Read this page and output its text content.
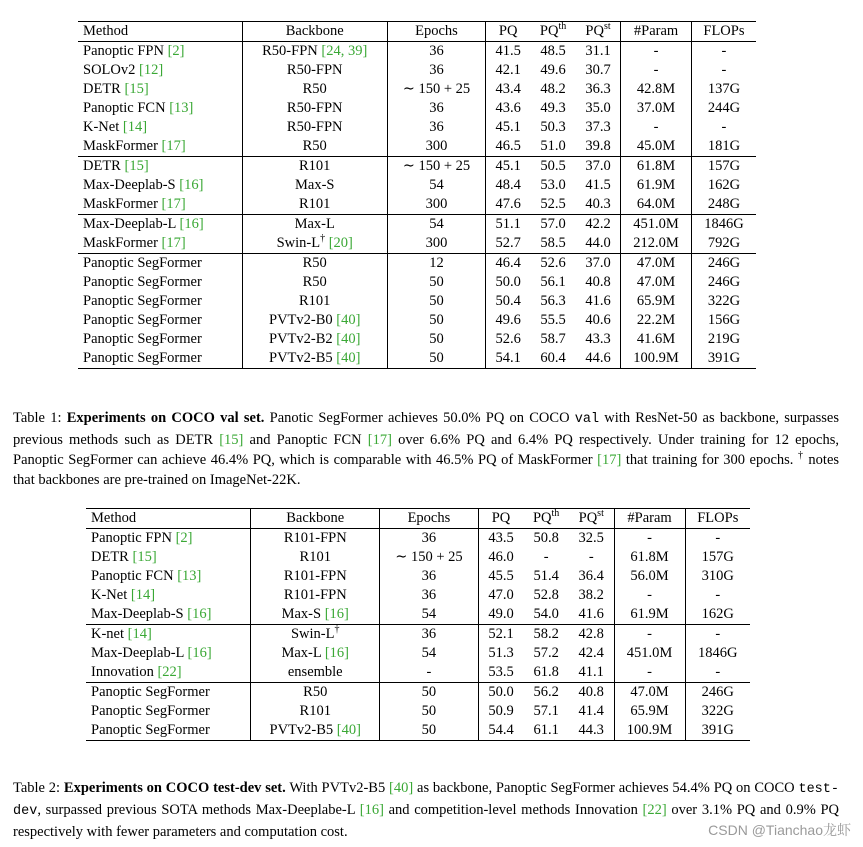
Method	Backbone	Epochs	PQ	$PQ^{th}$	$PQ^{st}$	#Param	FLOPs
Panoptic FPN [2]	R50-FPN [24, 39]	36	41.5	48.5	31.1	-	-
SOLOv2 [12]	R50-FPN	36	42.1	49.6	30.7	-	-
DETR [15]	R50	∼ 150 + 25	43.4	48.2	36.3	42.8M	137G
Panoptic FCN [13]	R50-FPN	36	43.6	49.3	35.0	37.0M	244G
K-Net [14]	R50-FPN	36	45.1	50.3	37.3	-	-
MaskFormer [17]	R50	300	46.5	51.0	39.8	45.0M	181G
DETR [15]	R101	∼ 150 + 25	45.1	50.5	37.0	61.8M	157G
Max-Deeplab-S [16]	Max-S	54	48.4	53.0	41.5	61.9M	162G
MaskFormer [17]	R101	300	47.6	52.5	40.3	64.0M	248G
Max-Deeplab-L [16]	Max-L	54	51.1	57.0	42.2	451.0M	1846G
MaskFormer [17]	Swin-L† [20]	300	52.7	58.5	44.0	212.0M	792G
Panoptic SegFormer	R50	12	46.4	52.6	37.0	47.0M	246G
Panoptic SegFormer	R50	50	50.0	56.1	40.8	47.0M	246G
Panoptic SegFormer	R101	50	50.4	56.3	41.6	65.9M	322G
Panoptic SegFormer	PVTv2-B0 [40]	50	49.6	55.5	40.6	22.2M	156G
Panoptic SegFormer	PVTv2-B2 [40]	50	52.6	58.7	43.3	41.6M	219G
Panoptic SegFormer	PVTv2-B5 [40]	50	54.1	60.4	44.6	100.9M	391G
Table 1: Experiments on COCO val set. Panotic SegFormer achieves 50.0% PQ on COCO val with ResNet-50 as backbone, surpasses previous methods such as DETR [15] and Panoptic FCN [17] over 6.6% PQ and 6.4% PQ respectively. Under training for 12 epochs, Panoptic SegFormer can achieve 46.4% PQ, which is comparable with 46.5% PQ of MaskFormer [17] that training for 300 epochs. † notes that backbones are pre-trained on ImageNet-22K.
Method	Backbone	Epochs	PQ	$PQ^{th}$	$PQ^{st}$	#Param	FLOPs
Panoptic FPN [2]	R101-FPN	36	43.5	50.8	32.5	-	-
DETR [15]	R101	∼ 150 + 25	46.0	-	-	61.8M	157G
Panoptic FCN [13]	R101-FPN	36	45.5	51.4	36.4	56.0M	310G
K-Net [14]	R101-FPN	36	47.0	52.8	38.2	-	-
Max-Deeplab-S [16]	Max-S [16]	54	49.0	54.0	41.6	61.9M	162G
K-net [14]	Swin-L†	36	52.1	58.2	42.8	-	-
Max-Deeplab-L [16]	Max-L [16]	54	51.3	57.2	42.4	451.0M	1846G
Innovation [22]	ensemble	-	53.5	61.8	41.1	-	-
Panoptic SegFormer	R50	50	50.0	56.2	40.8	47.0M	246G
Panoptic SegFormer	R101	50	50.9	57.1	41.4	65.9M	322G
Panoptic SegFormer	PVTv2-B5 [40]	50	54.4	61.1	44.3	100.9M	391G
Table 2: Experiments on COCO test-dev set. With PVTv2-B5 [40] as backbone, Panoptic SegFormer achieves 54.4% PQ on COCO test-dev, surpassed previous SOTA methods Max-Deeplabe-L [16] and competition-level methods Innovation [22] over 3.1% PQ and 0.9% PQ respectively with fewer parameters and computation cost.	CSDN @Tianchao龙虾
